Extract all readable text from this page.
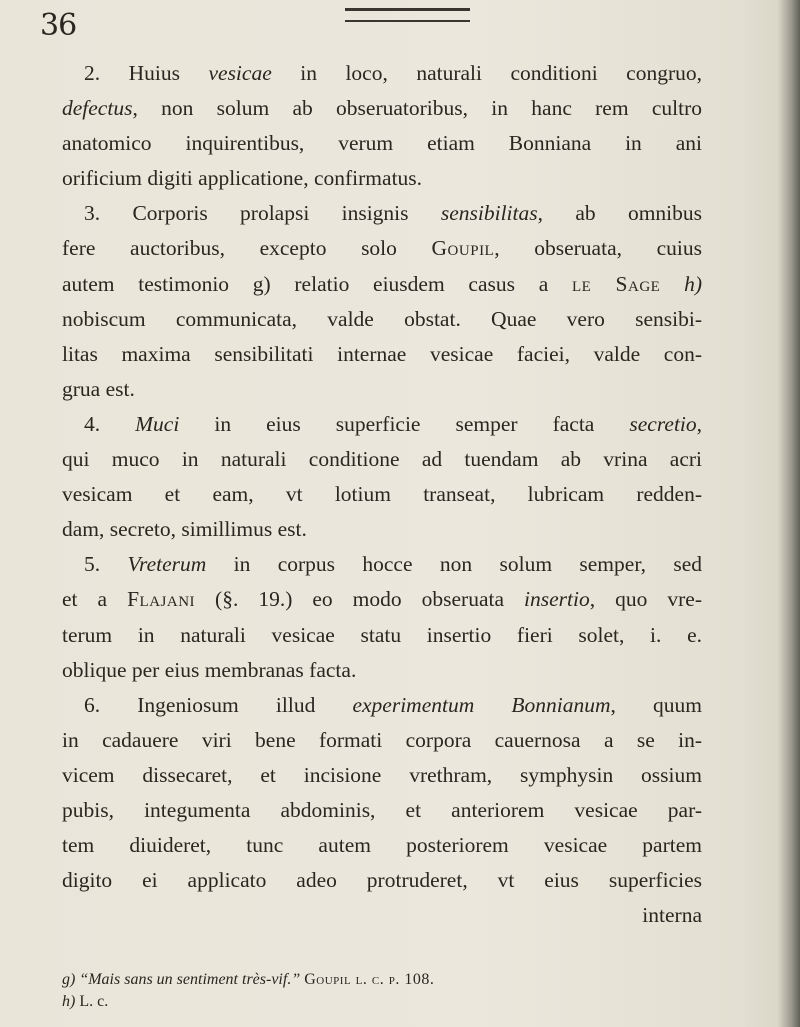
36
2. Huius vesicae in loco, naturali conditioni congruo,
defectus, non solum ab obseruatoribus, in hanc rem cultro
anatomico inquirentibus, verum etiam Bonniana in ani
orificium digiti applicatione, confirmatus.
3. Corporis prolapsi insignis sensibilitas, ab omnibus
fere auctoribus, excepto solo Goupil, obseruata, cuius
autem testimonio g) relatio eiusdem casus a le Sage h)
nobiscum communicata, valde obstat. Quae vero sensibi-
litas maxima sensibilitati internae vesicae faciei, valde con-
grua est.
4. Muci in eius superficie semper facta secretio,
qui muco in naturali conditione ad tuendam ab vrina acri
vesicam et eam, vt lotium transeat, lubricam redden-
dam, secreto, simillimus est.
5. Vreterum in corpus hocce non solum semper, sed
et a Flajani (§. 19.) eo modo obseruata insertio, quo vre-
terum in naturali vesicae statu insertio fieri solet, i. e.
oblique per eius membranas facta.
6. Ingeniosum illud experimentum Bonnianum, quum
in cadauere viri bene formati corpora cauernosa a se in-
vicem dissecaret, et incisione vrethram, symphysin ossium
pubis, integumenta abdominis, et anteriorem vesicae par-
tem diuideret, tunc autem posteriorem vesicae partem
digito ei applicato adeo protruderet, vt eius superficies
interna
g) “Mais sans un sentiment très-vif.” Goupil l. c. p. 108.
h) L. c.
